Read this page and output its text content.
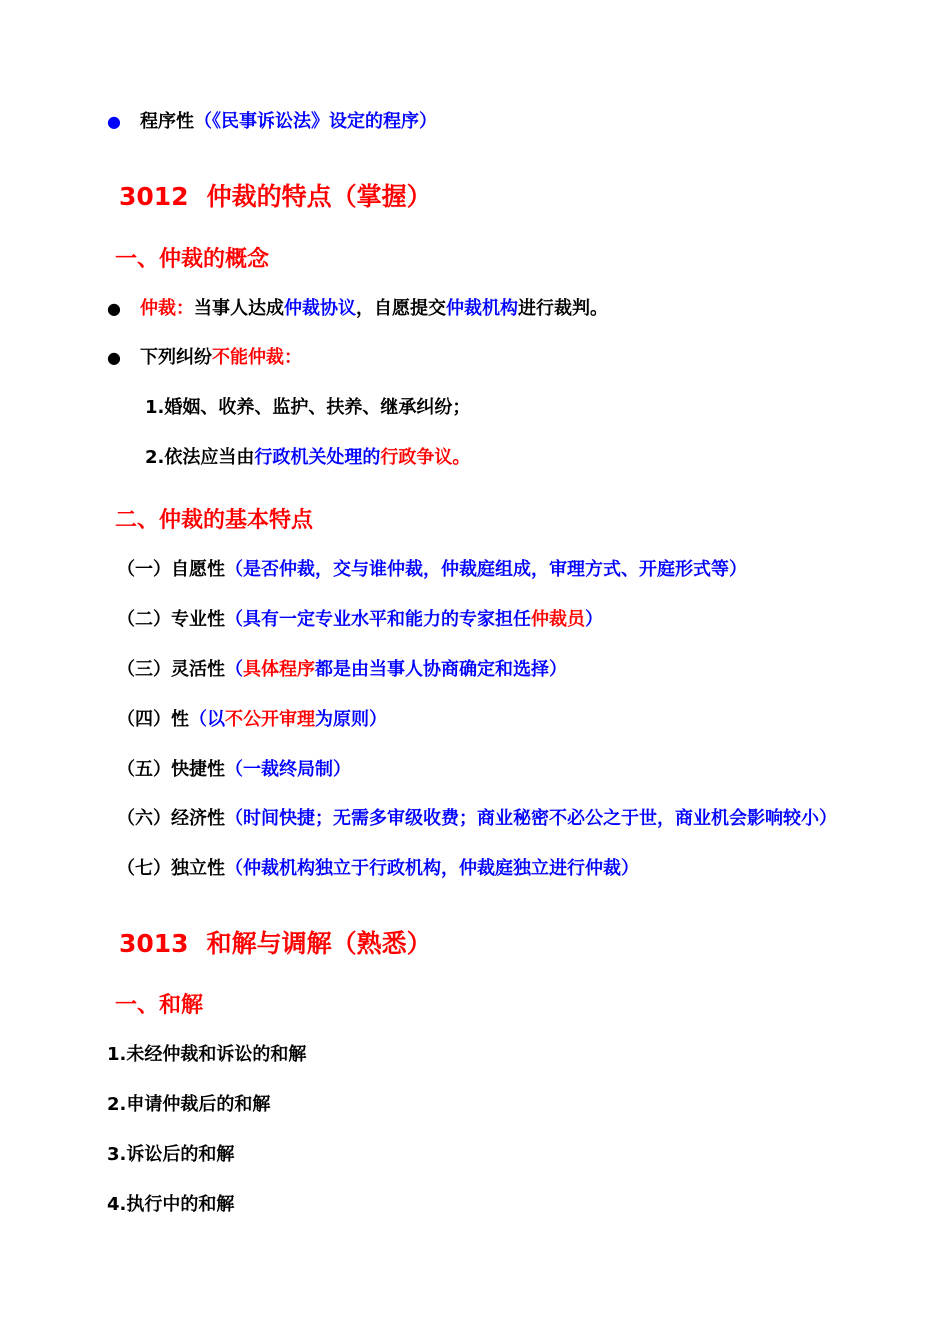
● 程序性（《民事诉讼法》设定的程序）
3012 仲裁的特点（掌握）
一、仲裁的概念
● 仲裁：当事人达成仲裁协议，自愿提交仲裁机构进行裁判。
● 下列纠纷不能仲裁：
1.婚姻、收养、监护、扶养、继承纠纷；
2.依法应当由行政机关处理的行政争议。
二、仲裁的基本特点
（一）自愿性（是否仲裁，交与谁仲裁，仲裁庭组成，审理方式、开庭形式等）
（二）专业性（具有一定专业水平和能力的专家担任仲裁员）
（三）灵活性（具体程序都是由当事人协商确定和选择）
（四）性（以不公开审理为原则）
（五）快捷性（一裁终局制）
（六）经济性（时间快捷；无需多审级收费；商业秘密不必公之于世，商业机会影响较小）
（七）独立性（仲裁机构独立于行政机构，仲裁庭独立进行仲裁）
3013 和解与调解（熟悉）
一、和解
1.未经仲裁和诉讼的和解
2.申请仲裁后的和解
3.诉讼后的和解
4.执行中的和解
